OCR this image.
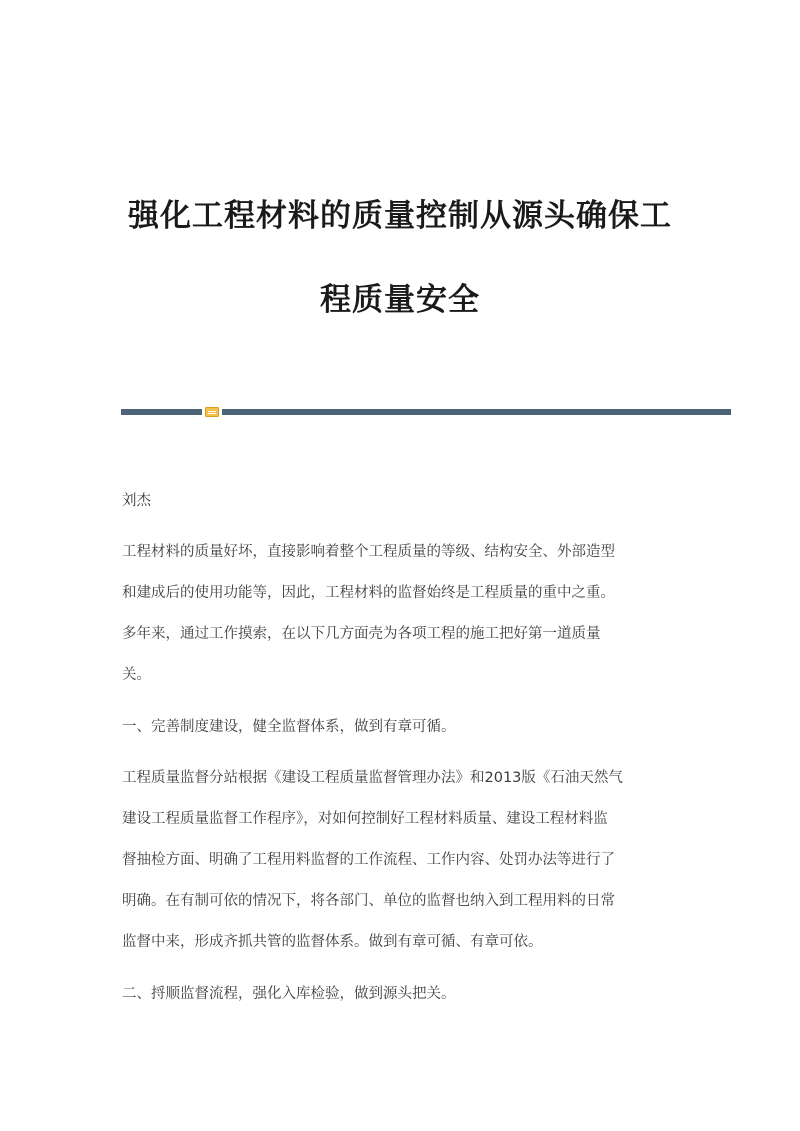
强化工程材料的质量控制从源头确保工
程质量安全

刘杰

工程材料的质量好坏，直接影响着整个工程质量的等级、结构安全、外部造型

和建成后的使用功能等，因此，工程材料的监督始终是工程质量的重中之重。

多年来，通过工作摸索，在以下几方面壳为各项工程的施工把好第一道质量

关。

一、完善制度建设，健全监督体系，做到有章可循。

工程质量监督分站根据《建设工程质量监督管理办法》和2013版《石油天然气

建设工程质量监督工作程序》，对如何控制好工程材料质量、建设工程材料监

督抽检方面、明确了工程用料监督的工作流程、工作内容、处罚办法等进行了

明确。在有制可依的情况下，将各部门、单位的监督也纳入到工程用料的日常

监督中来，形成齐抓共管的监督体系。做到有章可循、有章可依。

二、捋顺监督流程，强化入库检验，做到源头把关。
